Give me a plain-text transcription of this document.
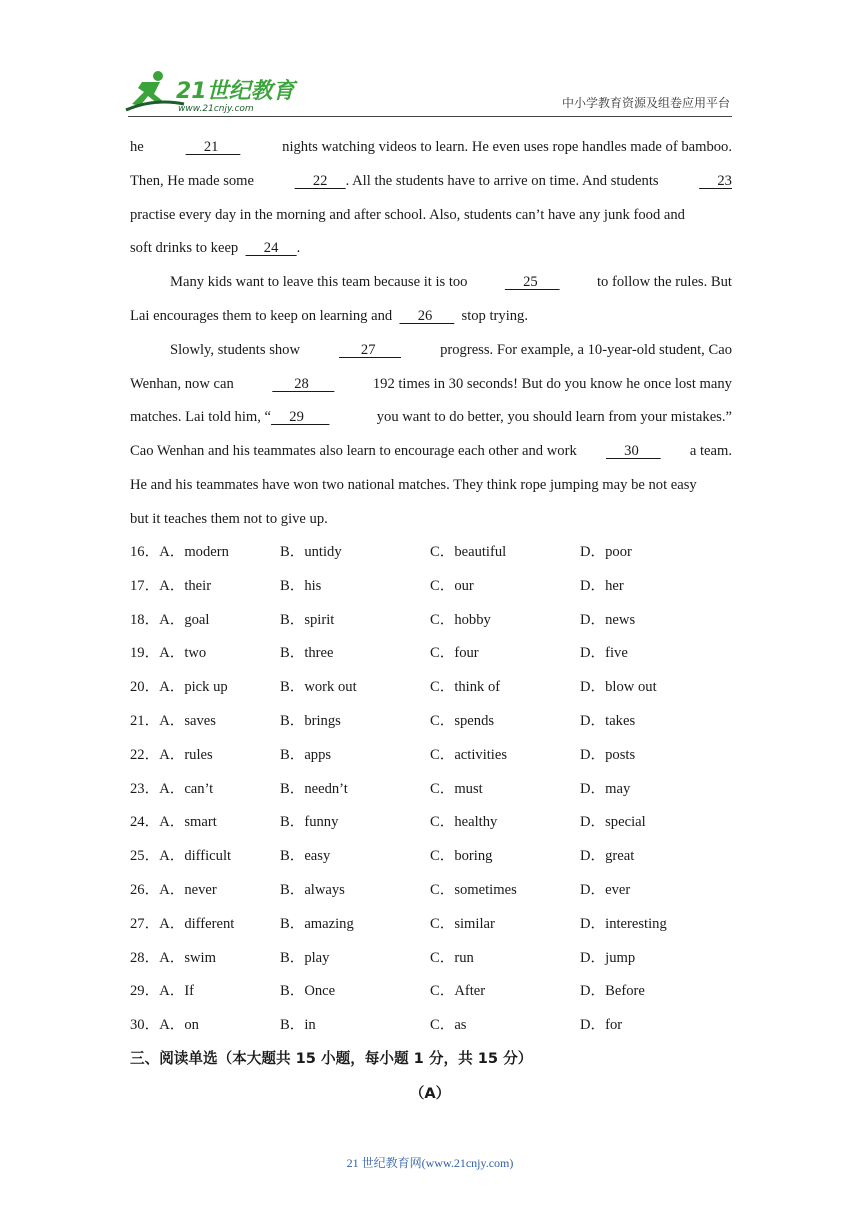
21世纪教育
www.21cnjy.com	中小学教育资源及组卷应用平台
he	21	nights watching videos to learn. He even uses rope handles made of bamboo.
Then, He made some	22     . All the students have to arrive on time. And students	23
practise every day in the morning and after school. Also, students can’t have any junk food and
soft drinks to keep
24 .
Many kids want to leave this team because it is too	25	to follow the rules. But
Lai encourages them to keep on learning and
26
stop trying.
Slowly, students show	27	progress. For example, a 10-year-old student, Cao
Wenhan, now can	28	192 times in 30 seconds! But do you know he once lost many
matches. Lai told him, “     29	you want to do better, you should learn from your mistakes.”
Cao Wenhan and his teammates also learn to encourage each other and work 30 a team.
He and his teammates have won two national matches. They think rope jumping may be not easy
but it teaches them not to give up.
16．A．modern	B．untidy	C．beautiful	D．poor
17．A．their	B．his	C．our	D．her
18．A．goal	B．spirit	C．hobby	D．news
19．A．two	B．three	C．four	D．five
20．A．pick up	B．work out	C．think of	D．blow out
21．A．saves	B．brings	C．spends	D．takes
22．A．rules	B．apps	C．activities	D．posts
23．A．can’t	B．needn’t	C．must	D．may
24．A．smart	B．funny	C．healthy	D．special
25．A．difficult	B．easy	C．boring	D．great
26．A．never	B．always	C．sometimes	D．ever
27．A．different	B．amazing	C．similar	D．interesting
28．A．swim	B．play	C．run	D．jump
29．A．If	B．Once	C．After	D．Before
30．A．on	B．in	C．as	D．for
三、阅读单选（本大题共 15 小题，每小题 1 分，共 15 分）
（A）
21 世纪教育网(www.21cnjy.com)
